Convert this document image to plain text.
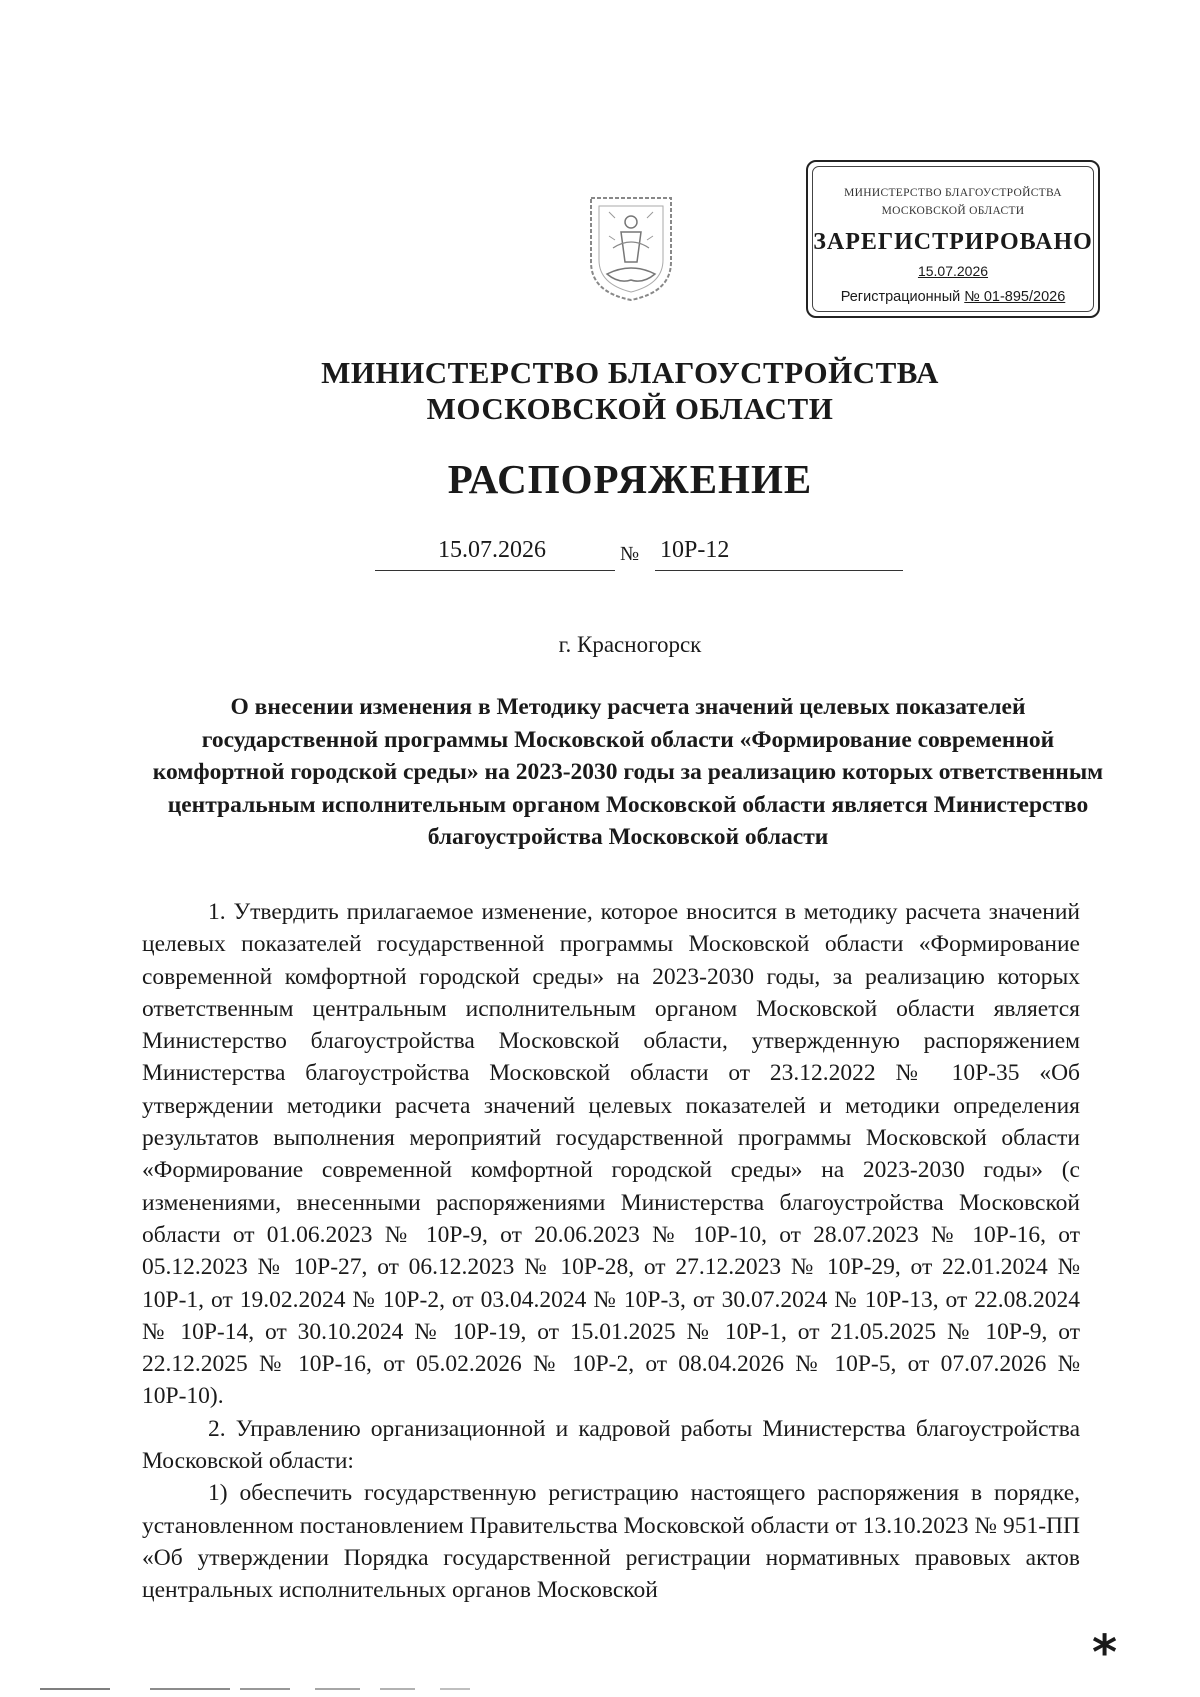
МИНИСТЕРСТВО БЛАГОУСТРОЙСТВА
МОСКОВСКОЙ ОБЛАСТИ
ЗАРЕГИСТРИРОВАНО
15.07.2026
Регистрационный № 01-895/2026
МИНИСТЕРСТВО БЛАГОУСТРОЙСТВА
МОСКОВСКОЙ ОБЛАСТИ
РАСПОРЯЖЕНИЕ
15.07.2026	№ 10Р-12
г. Красногорск
О внесении изменения в Методику расчета значений целевых показателей государственной программы Московской области «Формирование современной комфортной городской среды» на 2023-2030 годы за реализацию которых ответственным центральным исполнительным органом Московской области является Министерство благоустройства Московской области

1. Утвердить прилагаемое изменение, которое вносится в методику расчета значений целевых показателей государственной программы Московской области «Формирование современной комфортной городской среды» на 2023-2030 годы, за реализацию которых ответственным центральным исполнительным органом Московской области является Министерство благоустройства Московской области, утвержденную распоряжением Министерства благоустройства Московской области от 23.12.2022 № 10Р-35 «Об утверждении методики расчета значений целевых показателей и методики определения результатов выполнения мероприятий государственной программы Московской области «Формирование современной комфортной городской среды» на 2023-2030 годы» (с изменениями, внесенными распоряжениями Министерства благоустройства Московской области от 01.06.2023 № 10Р-9, от 20.06.2023 № 10Р-10, от 28.07.2023 № 10Р-16, от 05.12.2023 № 10Р-27, от 06.12.2023 № 10Р-28, от 27.12.2023 № 10Р-29, от 22.01.2024 № 10Р-1, от 19.02.2024 № 10Р-2, от 03.04.2024 № 10Р-3, от 30.07.2024 № 10Р-13, от 22.08.2024 № 10Р-14, от 30.10.2024 № 10Р-19, от 15.01.2025 № 10Р-1, от 21.05.2025 № 10Р-9, от 22.12.2025 № 10Р-16, от 05.02.2026 № 10Р-2, от 08.04.2026 № 10Р-5, от 07.07.2026 № 10Р-10).

2. Управлению организационной и кадровой работы Министерства благоустройства Московской области:

1) обеспечить государственную регистрацию настоящего распоряжения в порядке, установленном постановлением Правительства Московской области от 13.10.2023 № 951-ПП «Об утверждении Порядка государственной регистрации нормативных правовых актов центральных исполнительных органов Московской

*
